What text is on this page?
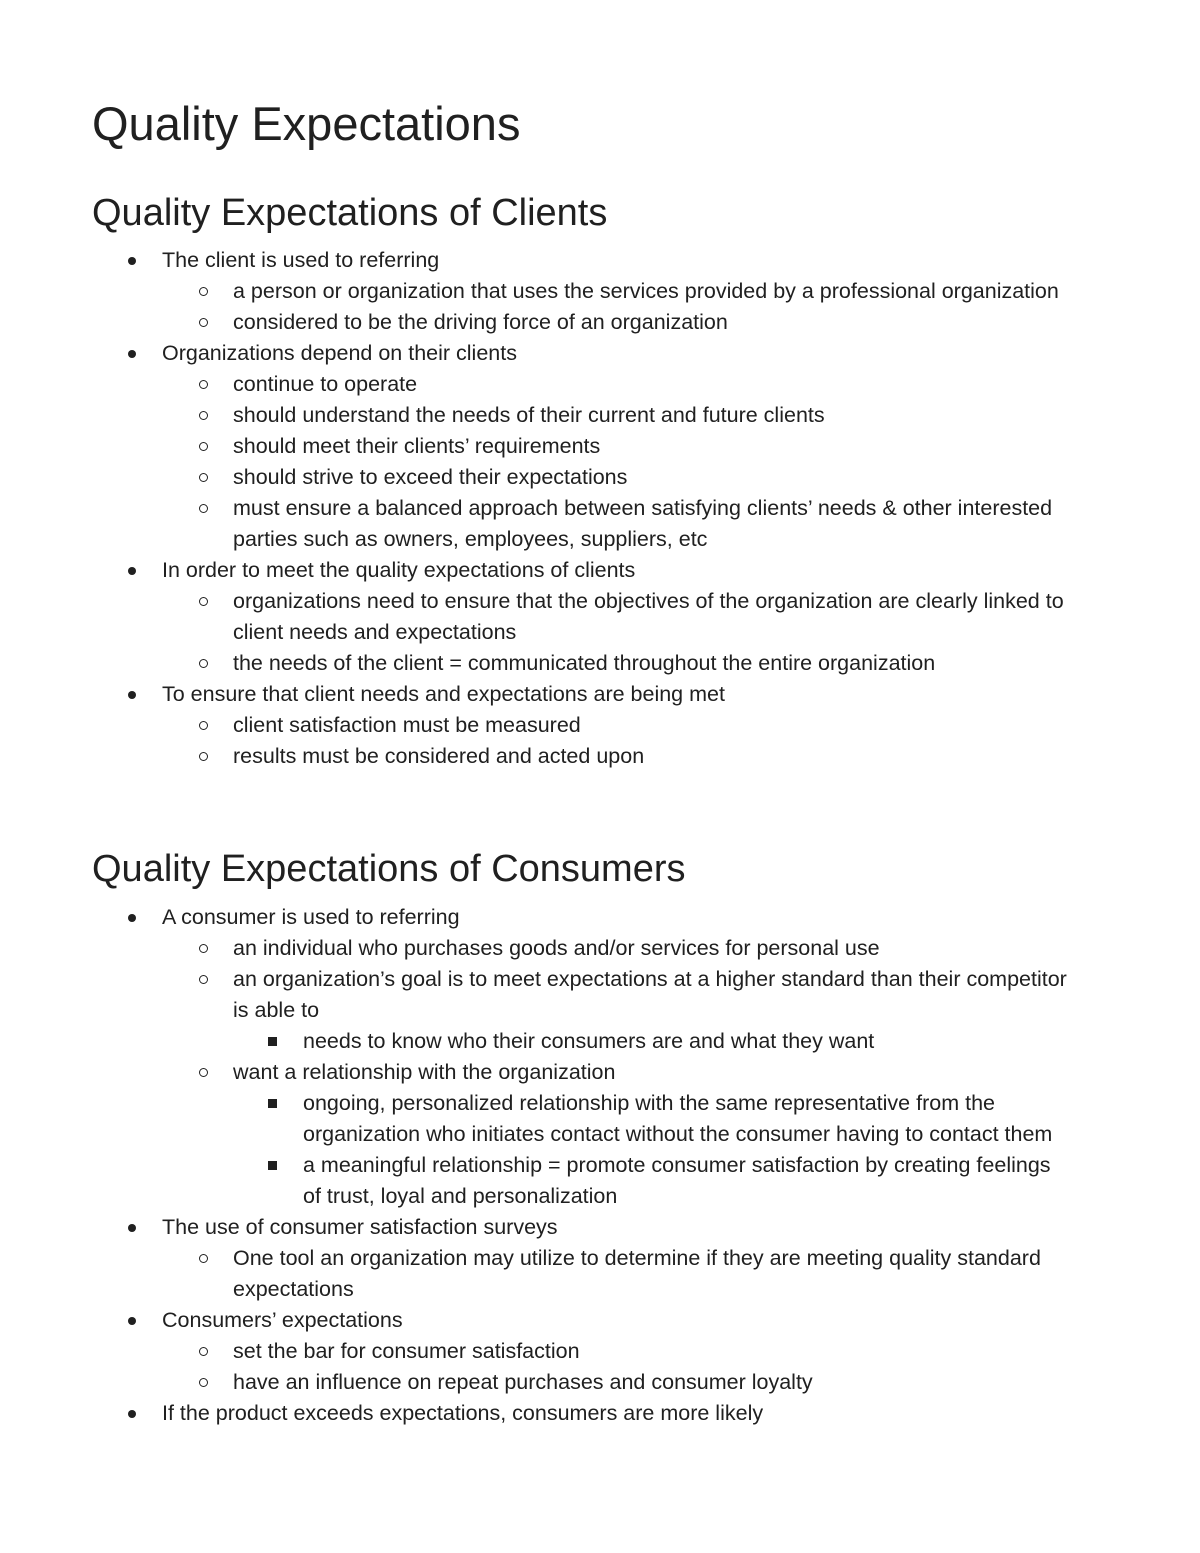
Quality Expectations
Quality Expectations of Clients
The client is used to referring
a person or organization that uses the services provided by a professional organization
considered to be the driving force of an organization
Organizations depend on their clients
continue to operate
should understand the needs of their current and future clients
should meet their clients’ requirements
should strive to exceed their expectations
must ensure a balanced approach between satisfying clients’ needs & other interested parties such as owners, employees, suppliers, etc
In order to meet the quality expectations of clients
organizations need to ensure that the objectives of the organization are clearly linked to client needs and expectations
the needs of the client = communicated throughout the entire organization
To ensure that client needs and expectations are being met
client satisfaction must be measured
results must be considered and acted upon
Quality Expectations of Consumers
A consumer is used to referring
an individual who purchases goods and/or services for personal use
an organization’s goal is to meet expectations at a higher standard than their competitor is able to
needs to know who their consumers are and what they want
want a relationship with the organization
ongoing, personalized relationship with the same representative from the organization who initiates contact without the consumer having to contact them
a meaningful relationship = promote consumer satisfaction by creating feelings of trust, loyal and personalization
The use of consumer satisfaction surveys
One tool an organization may utilize to determine if they are meeting quality standard expectations
Consumers’ expectations
set the bar for consumer satisfaction
have an influence on repeat purchases and consumer loyalty
If the product exceeds expectations, consumers are more likely
